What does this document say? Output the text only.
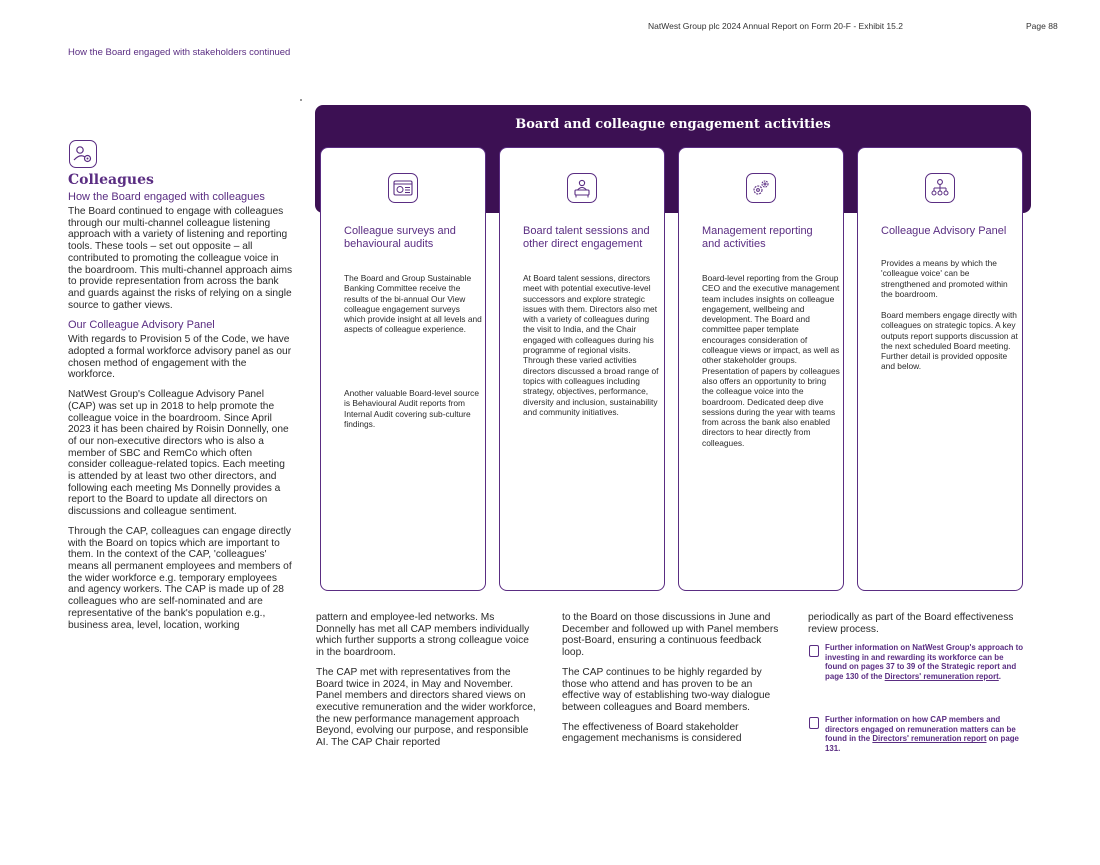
NatWest Group plc 2024 Annual Report on Form 20-F - Exhibit 15.2	Page 88
How the Board engaged with stakeholders continued
Colleagues
How the Board engaged with colleagues

The Board continued to engage with colleagues through our multi-channel colleague listening approach with a variety of listening and reporting tools. These tools – set out opposite – all contributed to promoting the colleague voice in the boardroom. This multi-channel approach aims to provide representation from across the bank and guards against the risks of relying on a single source to gather views.

Our Colleague Advisory Panel

With regards to Provision 5 of the Code, we have adopted a formal workforce advisory panel as our chosen method of engagement with the workforce.

NatWest Group's Colleague Advisory Panel (CAP) was set up in 2018 to help promote the colleague voice in the boardroom. Since April 2023 it has been chaired by Roisin Donnelly, one of our non-executive directors who is also a member of SBC and RemCo which often consider colleague-related topics. Each meeting is attended by at least two other directors, and following each meeting Ms Donnelly provides a report to the Board to update all directors on discussions and colleague sentiment.

Through the CAP, colleagues can engage directly with the Board on topics which are important to them. In the context of the CAP, 'colleagues' means all permanent employees and members of the wider workforce e.g. temporary employees and agency workers. The CAP is made up of 28 colleagues who are self-nominated and are representative of the bank's population e.g., business area, level, location, working

Board and colleague engagement activities
Colleague surveys and behavioural audits

The Board and Group Sustainable Banking Committee receive the results of the bi-annual Our View colleague engagement surveys which provide insight at all levels and aspects of colleague experience.

Another valuable Board-level source is Behavioural Audit reports from Internal Audit covering sub-culture findings.

Board talent sessions and other direct engagement

At Board talent sessions, directors meet with potential executive-level successors and explore strategic issues with them. Directors also met with a variety of colleagues during the visit to India, and the Chair engaged with colleagues during his programme of regional visits. Through these varied activities directors discussed a broad range of topics with colleagues including strategy, objectives, performance, diversity and inclusion, sustainability and community initiatives.

Management reporting and activities

Board-level reporting from the Group CEO and the executive management team includes insights on colleague engagement, wellbeing and development. The Board and committee paper template encourages consideration of colleague views or impact, as well as other stakeholder groups. Presentation of papers by colleagues also offers an opportunity to bring the colleague voice into the boardroom. Dedicated deep dive sessions during the year with teams from across the bank also enabled directors to hear directly from colleagues.

Colleague Advisory Panel

Provides a means by which the 'colleague voice' can be strengthened and promoted within the boardroom.

Board members engage directly with colleagues on strategic topics. A key outputs report supports discussion at the next scheduled Board meeting. Further detail is provided opposite and below.

pattern and employee-led networks. Ms Donnelly has met all CAP members individually which further supports a strong colleague voice in the boardroom.

The CAP met with representatives from the Board twice in 2024, in May and November. Panel members and directors shared views on executive remuneration and the wider workforce, the new performance management approach Beyond, evolving our purpose, and responsible AI. The CAP Chair reported

to the Board on those discussions in June and December and followed up with Panel members post-Board, ensuring a continuous feedback loop.

The CAP continues to be highly regarded by those who attend and has proven to be an effective way of establishing two-way dialogue between colleagues and Board members.

The effectiveness of Board stakeholder engagement mechanisms is considered

periodically as part of the Board effectiveness review process.

Further information on NatWest Group's approach to investing in and rewarding its workforce can be found on pages 37 to 39 of the Strategic report and page 130 of the Directors' remuneration report.
Further information on how CAP members and directors engaged on remuneration matters can be found in the Directors' remuneration report on page 131.
